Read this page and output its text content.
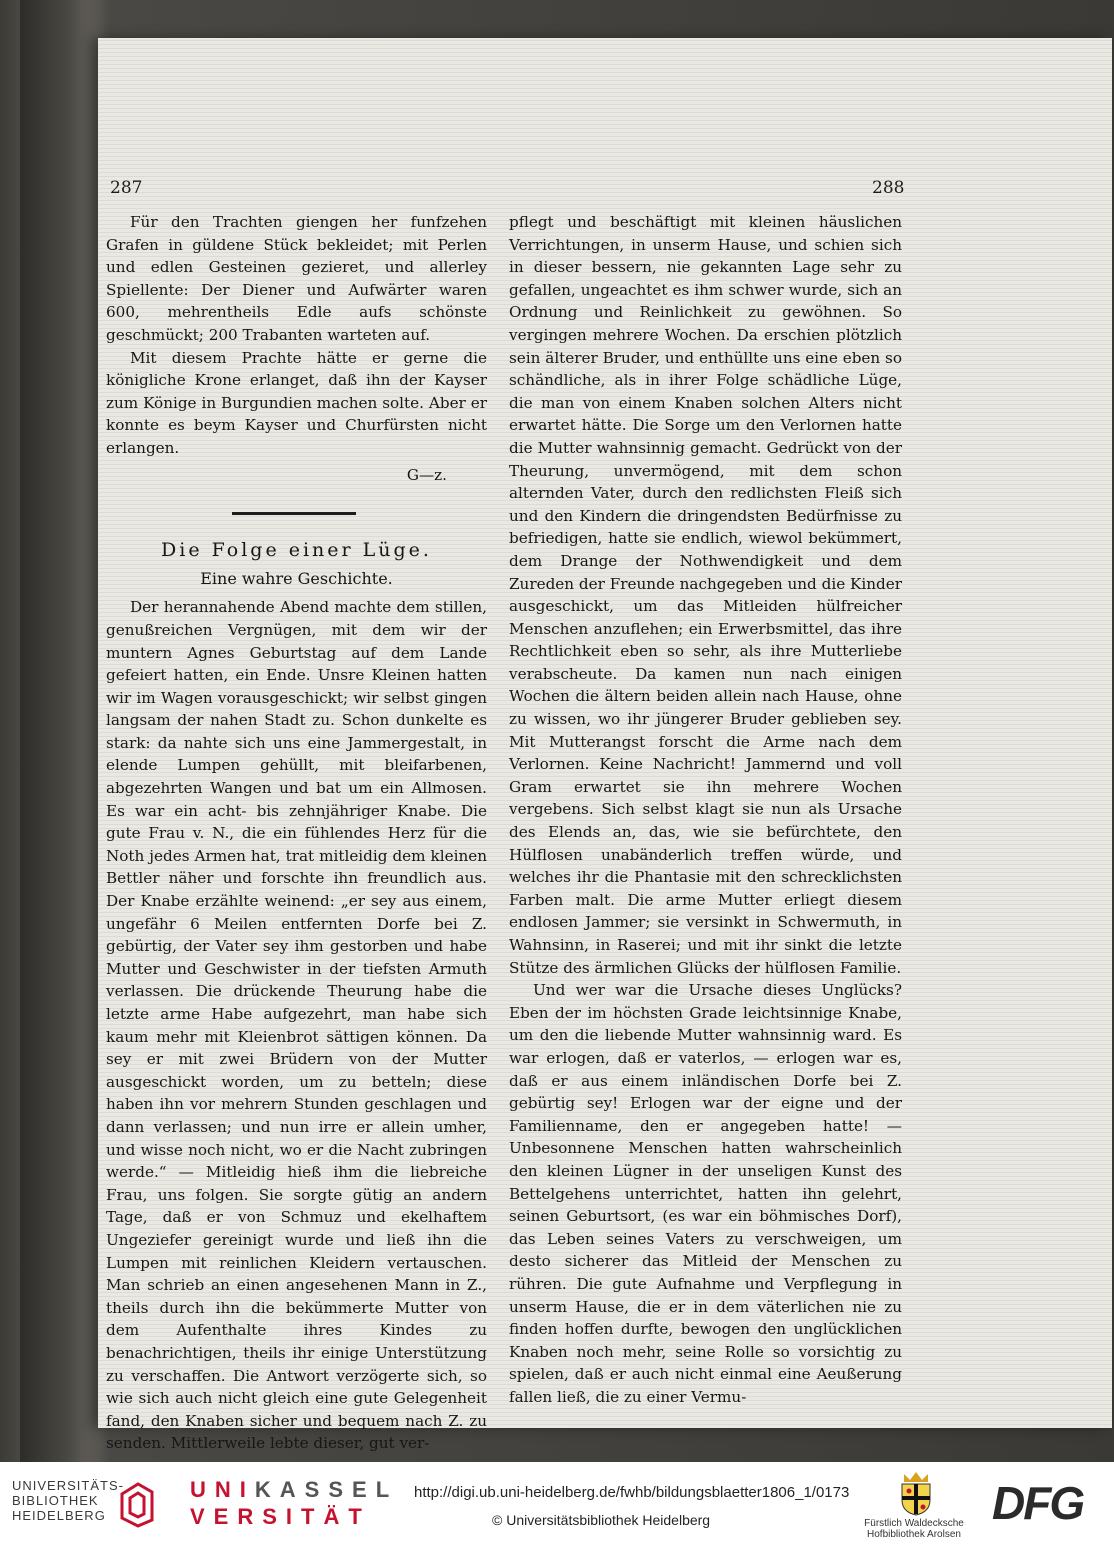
287	288

Für den Trachten giengen her funfzehen Grafen in güldene Stück bekleidet; mit Perlen und edlen Gesteinen gezieret, und allerley Spiellente: Der Diener und Aufwärter waren 600, mehrentheils Edle aufs schönste geschmückt; 200 Trabanten warteten auf.

Mit diesem Prachte hätte er gerne die königliche Krone erlanget, daß ihn der Kayser zum Könige in Burgundien machen solte. Aber er konnte es beym Kayser und Churfürsten nicht erlangen.

G—z.
Die Folge einer Lüge.
Eine wahre Geschichte.

Der herannahende Abend machte dem stillen, genußreichen Vergnügen, mit dem wir der muntern Agnes Geburtstag auf dem Lande gefeiert hatten, ein Ende. Unsre Kleinen hatten wir im Wagen vorausgeschickt; wir selbst gingen langsam der nahen Stadt zu. Schon dunkelte es stark: da nahte sich uns eine Jammergestalt, in elende Lumpen gehüllt, mit bleifarbenen, abgezehrten Wangen und bat um ein Allmosen. Es war ein acht- bis zehnjähriger Knabe. Die gute Frau v. N., die ein fühlendes Herz für die Noth jedes Armen hat, trat mitleidig dem kleinen Bettler näher und forschte ihn freundlich aus. Der Knabe erzählte weinend: „er sey aus einem, ungefähr 6 Meilen entfernten Dorfe bei Z. gebürtig, der Vater sey ihm gestorben und habe Mutter und Geschwister in der tiefsten Armuth verlassen. Die drückende Theurung habe die letzte arme Habe aufgezehrt, man habe sich kaum mehr mit Kleienbrot sättigen können. Da sey er mit zwei Brüdern von der Mutter ausgeschickt worden, um zu betteln; diese haben ihn vor mehrern Stunden geschlagen und dann verlassen; und nun irre er allein umher, und wisse noch nicht, wo er die Nacht zubringen werde.“ — Mitleidig hieß ihm die liebreiche Frau, uns folgen. Sie sorgte gütig an andern Tage, daß er von Schmuz und ekelhaftem Ungeziefer gereinigt wurde und ließ ihn die Lumpen mit reinlichen Kleidern vertauschen. Man schrieb an einen angesehenen Mann in Z., theils durch ihn die bekümmerte Mutter von dem Aufenthalte ihres Kindes zu benachrichtigen, theils ihr einige Unterstützung zu verschaffen. Die Antwort verzögerte sich, so wie sich auch nicht gleich eine gute Gelegenheit fand, den Knaben sicher und bequem nach Z. zu senden. Mittlerweile lebte dieser, gut ver-

pflegt und beschäftigt mit kleinen häuslichen Verrichtungen, in unserm Hause, und schien sich in dieser bessern, nie gekannten Lage sehr zu gefallen, ungeachtet es ihm schwer wurde, sich an Ordnung und Reinlichkeit zu gewöhnen. So vergingen mehrere Wochen. Da erschien plötzlich sein älterer Bruder, und enthüllte uns eine eben so schändliche, als in ihrer Folge schädliche Lüge, die man von einem Knaben solchen Alters nicht erwartet hätte. Die Sorge um den Verlornen hatte die Mutter wahnsinnig gemacht. Gedrückt von der Theurung, unvermögend, mit dem schon alternden Vater, durch den redlichsten Fleiß sich und den Kindern die dringendsten Bedürfnisse zu befriedigen, hatte sie endlich, wiewol bekümmert, dem Drange der Nothwendigkeit und dem Zureden der Freunde nachgegeben und die Kinder ausgeschickt, um das Mitleiden hülfreicher Menschen anzuflehen; ein Erwerbsmittel, das ihre Rechtlichkeit eben so sehr, als ihre Mutterliebe verabscheute. Da kamen nun nach einigen Wochen die ältern beiden allein nach Hause, ohne zu wissen, wo ihr jüngerer Bruder geblieben sey. Mit Mutterangst forscht die Arme nach dem Verlornen. Keine Nachricht! Jammernd und voll Gram erwartet sie ihn mehrere Wochen vergebens. Sich selbst klagt sie nun als Ursache des Elends an, das, wie sie befürchtete, den Hülflosen unabänderlich treffen würde, und welches ihr die Phantasie mit den schrecklichsten Farben malt. Die arme Mutter erliegt diesem endlosen Jammer; sie versinkt in Schwermuth, in Wahnsinn, in Raserei; und mit ihr sinkt die letzte Stütze des ärmlichen Glücks der hülflosen Familie.

Und wer war die Ursache dieses Unglücks? Eben der im höchsten Grade leichtsinnige Knabe, um den die liebende Mutter wahnsinnig ward. Es war erlogen, daß er vaterlos, — erlogen war es, daß er aus einem inländischen Dorfe bei Z. gebürtig sey! Erlogen war der eigne und der Familienname, den er angegeben hatte! — Unbesonnene Menschen hatten wahrscheinlich den kleinen Lügner in der unseligen Kunst des Bettelgehens unterrichtet, hatten ihn gelehrt, seinen Geburtsort, (es war ein böhmisches Dorf), das Leben seines Vaters zu verschweigen, um desto sicherer das Mitleid der Menschen zu rühren. Die gute Aufnahme und Verpflegung in unserm Hause, die er in dem väterlichen nie zu finden hoffen durfte, bewogen den unglücklichen Knaben noch mehr, seine Rolle so vorsichtig zu spielen, daß er auch nicht einmal eine Aeußerung fallen ließ, die zu einer Vermu-

UNIVERSITÄTS-
BIBLIOTHEK
HEIDELBERG
UNIKASSEL
VERSITÄT
http://digi.ub.uni-heidelberg.de/fwhb/bildungsblaetter1806_1/0173
© Universitätsbibliothek Heidelberg	Fürstlich Waldecksche
Hofbibliothek Arolsen
DFG
